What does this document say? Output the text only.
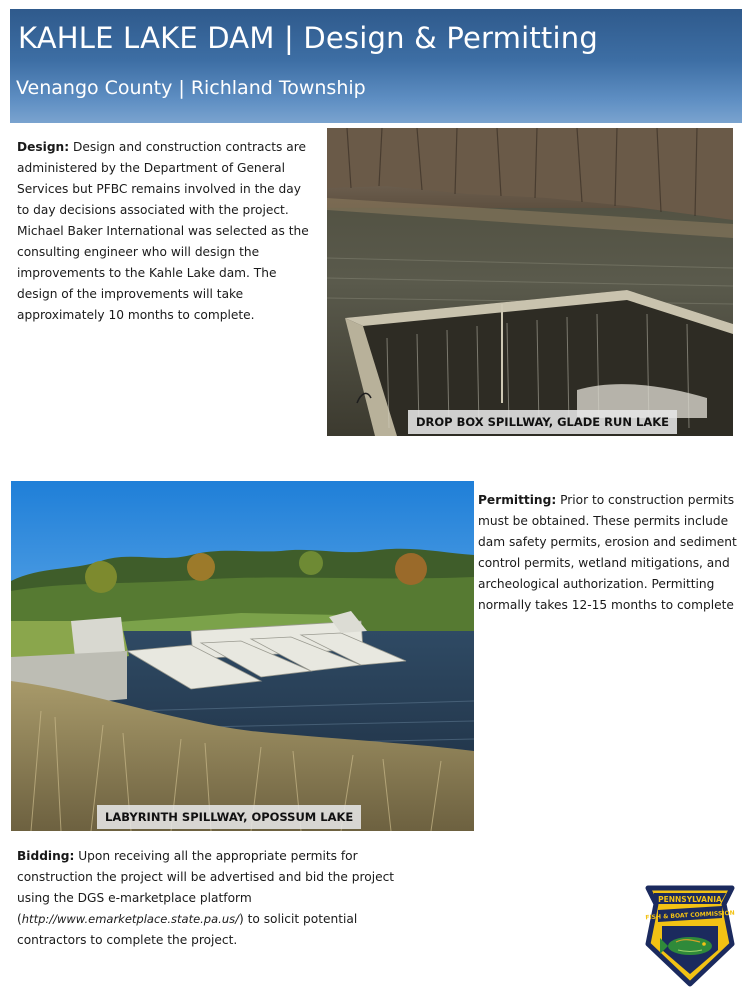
KAHLE LAKE DAM | Design & Permitting
Venango County | Richland Township
Design: Design and construction contracts are administered by the Department of General Services but PFBC remains involved in the day to day decisions associated with the project. Michael Baker International was selected as the consulting engineer who will design the improvements to the Kahle Lake dam. The design of the improvements will take approximately 10 months to complete.
DROP BOX SPILLWAY, GLADE RUN LAKE
LABYRINTH SPILLWAY, OPOSSUM LAKE
Permitting: Prior to construction permits must be obtained. These permits include dam safety permits, erosion and sediment control permits, wetland mitigations, and archeological authorization. Permitting normally takes 12-15 months to complete
Bidding: Upon receiving all the appropriate permits for construction the project will be advertised and bid the project using the DGS e-marketplace platform (http://www.emarketplace.state.pa.us/) to solicit potential contractors to complete the project.
PENNSYLVANIA
FISH & BOAT COMMISSION
